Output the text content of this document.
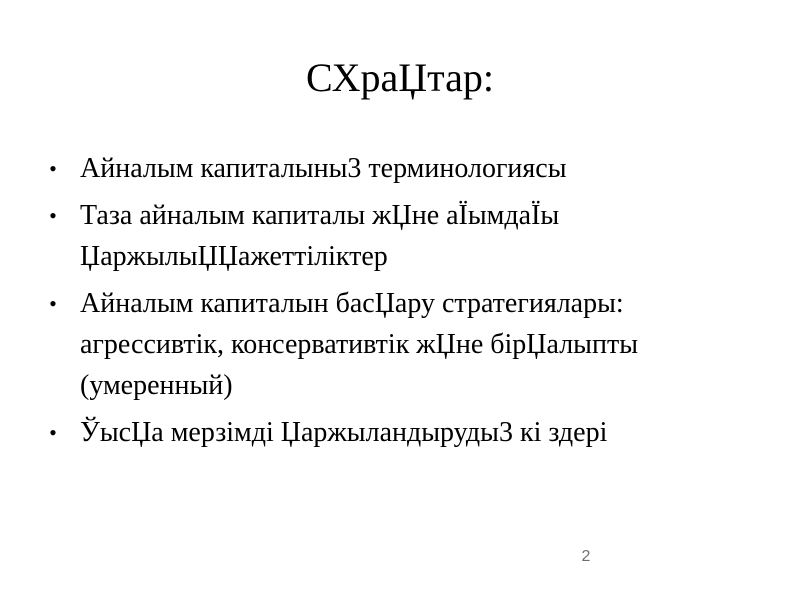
СХраЏтар:
• Айналым капиталыны3 терминологиясы
• Таза айналым капиталы жЏне аЇымдаЇы ЏаржылыЏЏажеттіліктер
• Айналым капиталын басЏару стратегиялары: агрессивтік, консервативтік жЏне бірЏалыпты (умеренный)
• ЎысЏа мерзімді Џаржыландыруды3 кі здері
2
